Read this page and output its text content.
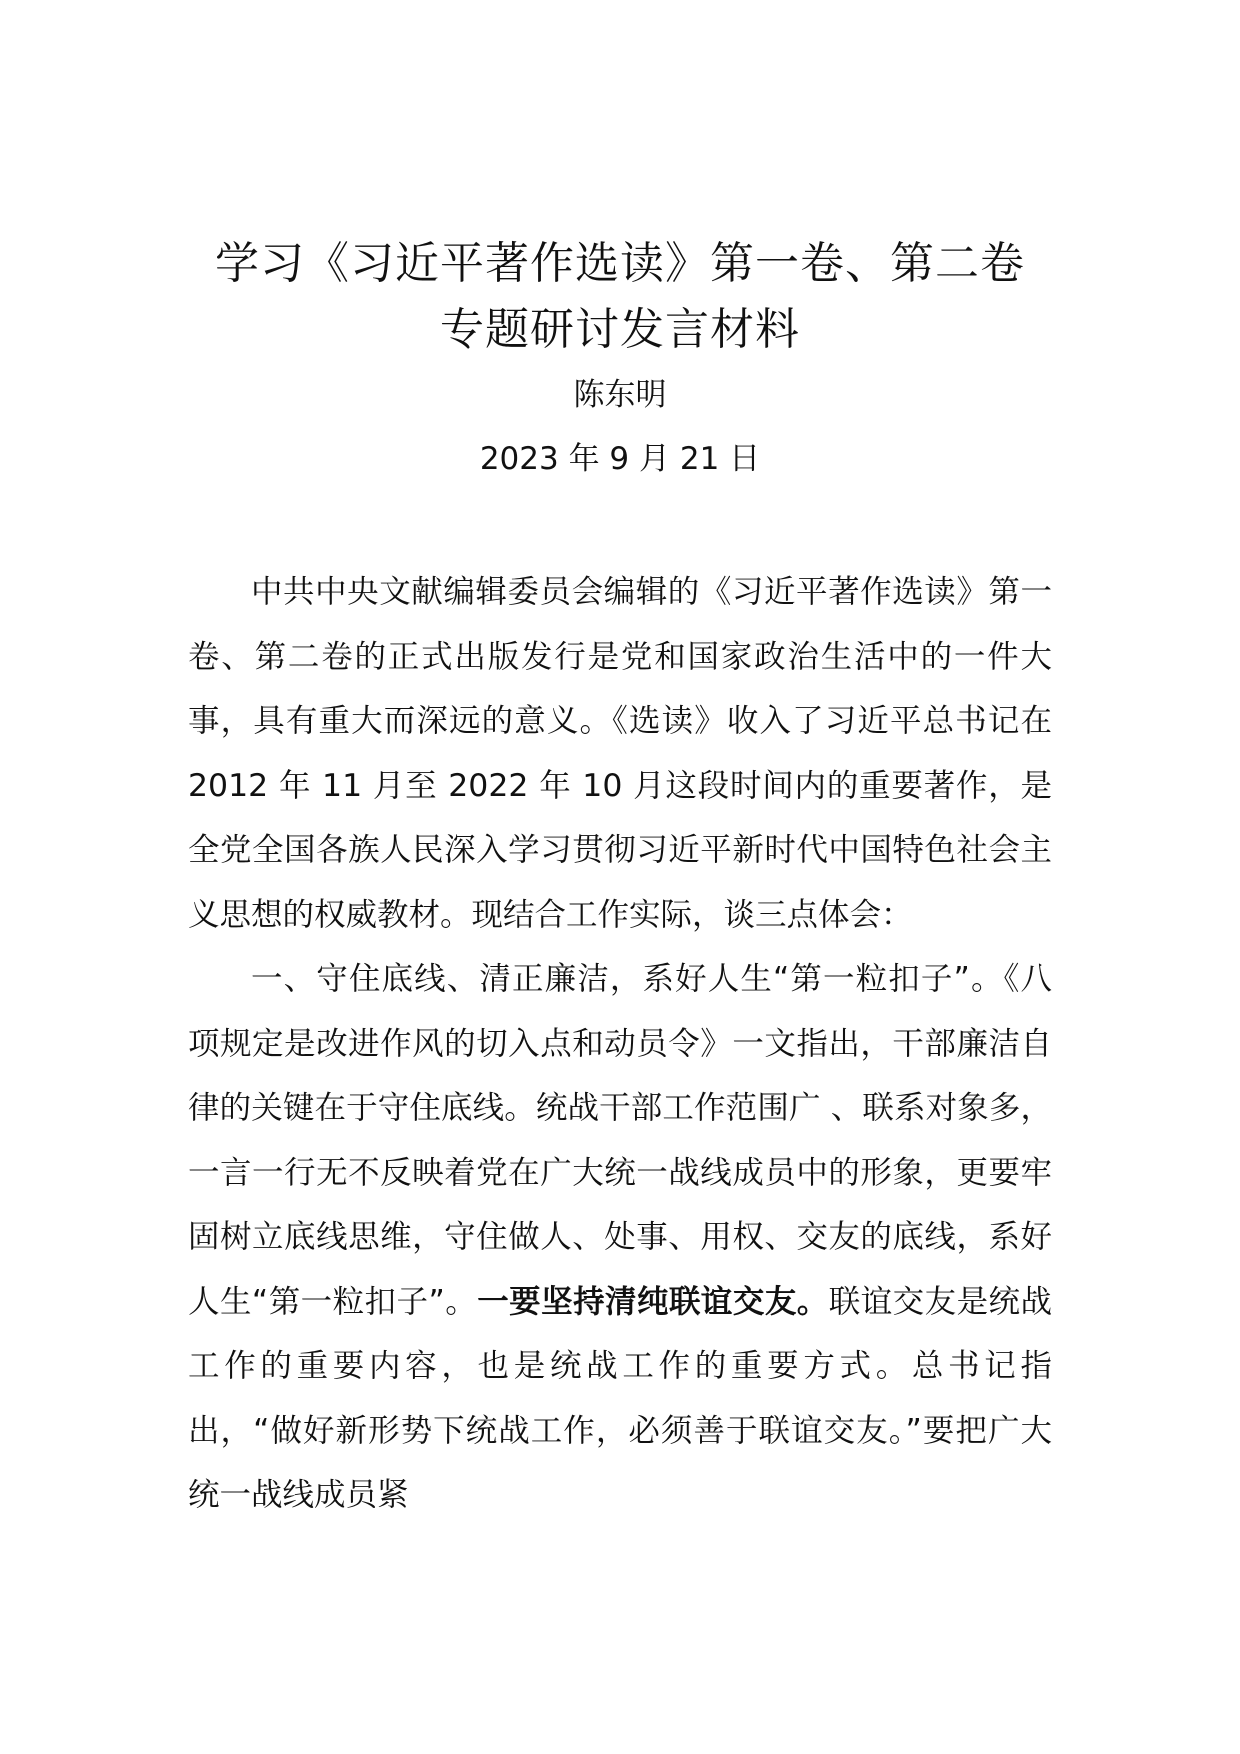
学习《习近平著作选读》第一卷、第二卷
专题研讨发言材料
陈东明
2023 年 9 月 21 日

中共中央文献编辑委员会编辑的《习近平著作选读》第一卷、第二卷的正式出版发行是党和国家政治生活中的一件大事，具有重大而深远的意义。《选读》收入了习近平总书记在 2012 年 11 月至 2022 年 10 月这段时间内的重要著作，是全党全国各族人民深入学习贯彻习近平新时代中国特色社会主义思想的权威教材。现结合工作实际，谈三点体会：

一、守住底线、清正廉洁，系好人生“第一粒扣子”。《八项规定是改进作风的切入点和动员令》一文指出，干部廉洁自律的关键在于守住底线。统战干部工作范围广 、联系对象多，一言一行无不反映着党在广大统一战线成员中的形象，更要牢固树立底线思维，守住做人、处事、用权、交友的底线，系好人生“第一粒扣子”。一要坚持清纯联谊交友。联谊交友是统战工作的重要内容，也是统战工作的重要方式。总书记指出，“做好新形势下统战工作，必须善于联谊交友。”要把广大统一战线成员紧
